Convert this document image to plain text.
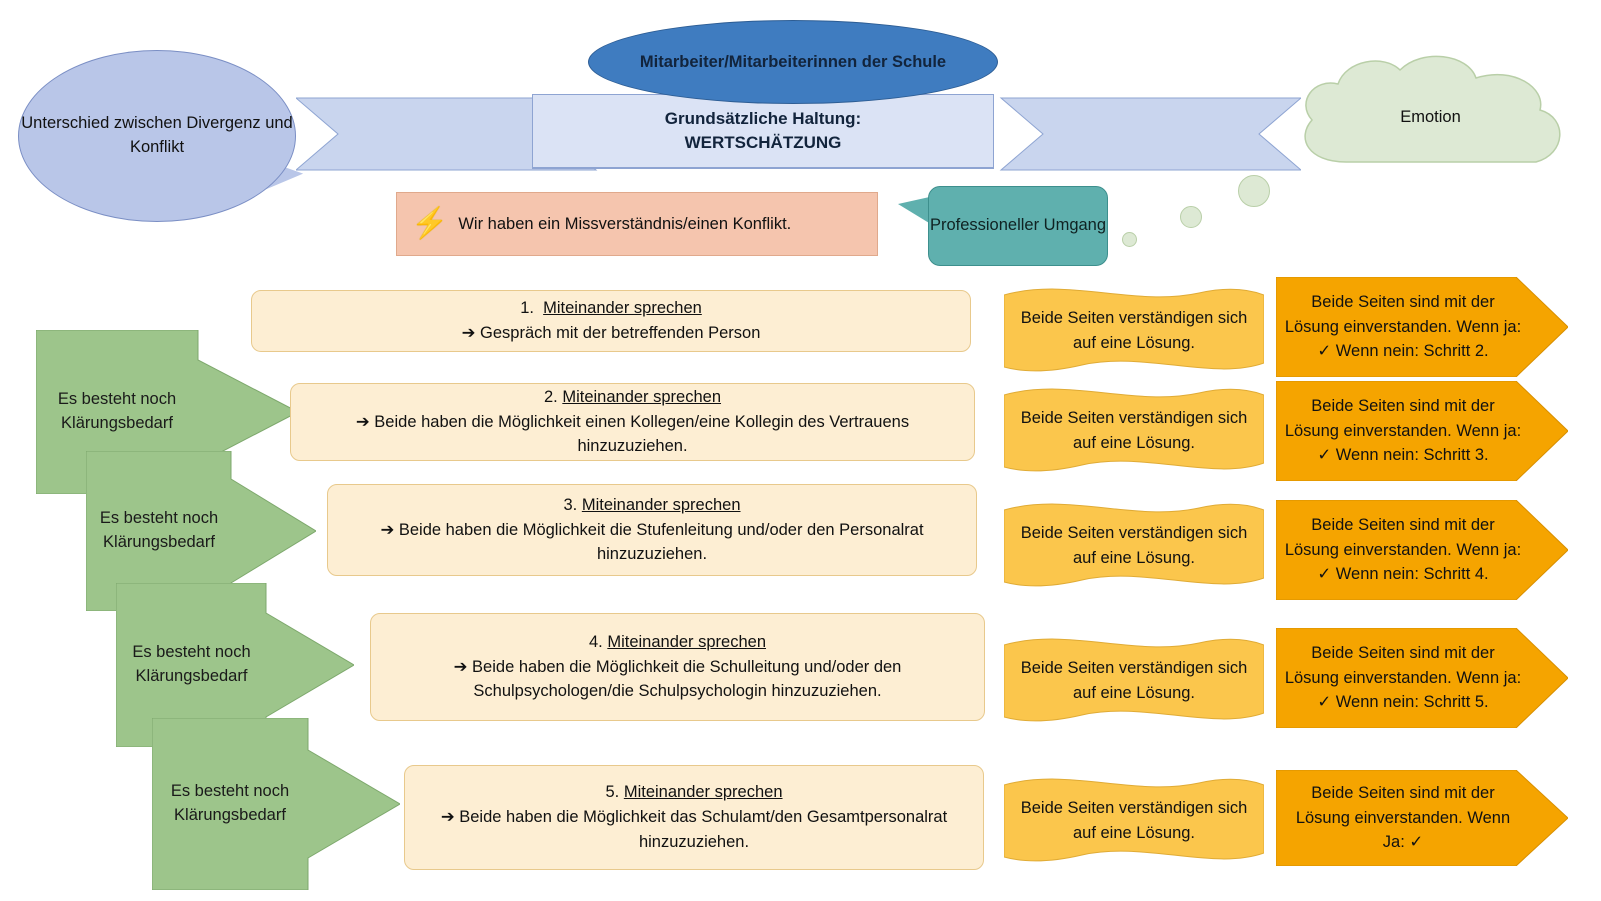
Grundsätzliche Haltung:
WERTSCHÄTZUNG
Mitarbeiter/Mitarbeiterinnen der Schule
Unterschied zwischen Divergenz und Konflikt
Emotion
⚡ Wir haben ein Missverständnis/einen Konflikt.	Professioneller Umgang
Es besteht noch Klärungsbedarf
Es besteht noch Klärungsbedarf
Es besteht noch Klärungsbedarf
Es besteht noch Klärungsbedarf
1. Miteinander sprechen
➔ Gespräch mit der betreffenden Person
2. Miteinander sprechen
➔ Beide haben die Möglichkeit einen Kollegen/eine Kollegin des Vertrauens hinzuzuziehen.
3. Miteinander sprechen
➔ Beide haben die Möglichkeit die Stufenleitung und/oder den Personalrat hinzuzuziehen.
4. Miteinander sprechen
➔ Beide haben die Möglichkeit die Schulleitung und/oder den Schulpsychologen/die Schulpsychologin hinzuzuziehen.
5. Miteinander sprechen
➔ Beide haben die Möglichkeit das Schulamt/den Gesamtpersonalrat hinzuzuziehen.
Beide Seiten verständigen sich auf eine Lösung.
Beide Seiten verständigen sich auf eine Lösung.
Beide Seiten verständigen sich auf eine Lösung.
Beide Seiten verständigen sich auf eine Lösung.
Beide Seiten verständigen sich auf eine Lösung.
Beide Seiten sind mit der Lösung einverstanden. Wenn ja: ✓ Wenn nein: Schritt 2.
Beide Seiten sind mit der Lösung einverstanden. Wenn ja: ✓ Wenn nein: Schritt 3.
Beide Seiten sind mit der Lösung einverstanden. Wenn ja: ✓ Wenn nein: Schritt 4.
Beide Seiten sind mit der Lösung einverstanden. Wenn ja: ✓ Wenn nein: Schritt 5.
Beide Seiten sind mit der Lösung einverstanden. Wenn Ja: ✓
